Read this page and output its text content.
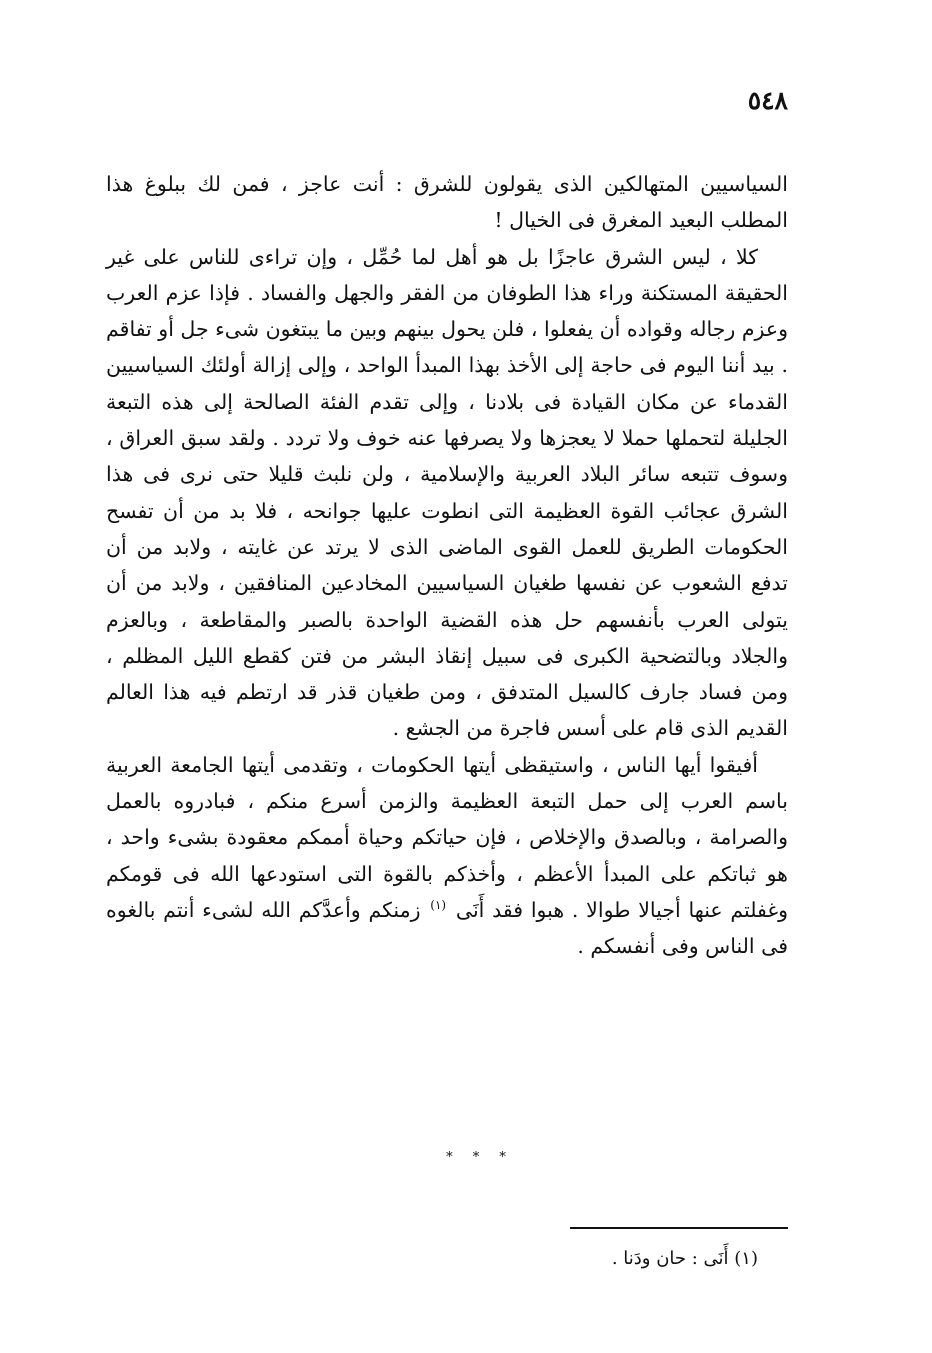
٥٤٨

السياسيين المتهالكين الذى يقولون للشرق : أنت عاجز ، فمن لك ببلوغ هذا المطلب البعيد المغرق فى الخيال !

كلا ، ليس الشرق عاجزًا بل هو أهل لما حُمِّل ، وإن تراءى للناس على غير الحقيقة المستكنة وراء هذا الطوفان من الفقر والجهل والفساد . فإذا عزم العرب وعزم رجاله وقواده أن يفعلوا ، فلن يحول بينهم وبين ما يبتغون شىء جل أو تفاقم . بيد أننا اليوم فى حاجة إلى الأخذ بهذا المبدأ الواحد ، وإلى إزالة أولئك السياسيين القدماء عن مكان القيادة فى بلادنا ، وإلى تقدم الفئة الصالحة إلى هذه التبعة الجليلة لتحملها حملا لا يعجزها ولا يصرفها عنه خوف ولا تردد . ولقد سبق العراق ، وسوف تتبعه سائر البلاد العربية والإسلامية ، ولن نلبث قليلا حتى نرى فى هذا الشرق عجائب القوة العظيمة التى انطوت عليها جوانحه ، فلا بد من أن تفسح الحكومات الطريق للعمل القوى الماضى الذى لا يرتد عن غايته ، ولابد من أن تدفع الشعوب عن نفسها طغيان السياسيين المخادعين المنافقين ، ولابد من أن يتولى العرب بأنفسهم حل هذه القضية الواحدة بالصبر والمقاطعة ، وبالعزم والجلاد وبالتضحية الكبرى فى سبيل إنقاذ البشر من فتن كقطع الليل المظلم ، ومن فساد جارف كالسيل المتدفق ، ومن طغيان قذر قد ارتطم فيه هذا العالم القديم الذى قام على أسس فاجرة من الجشع .

أفيقوا أيها الناس ، واستيقظى أيتها الحكومات ، وتقدمى أيتها الجامعة العربية باسم العرب إلى حمل التبعة العظيمة والزمن أسرع منكم ، فبادروه بالعمل والصرامة ، وبالصدق والإخلاص ، فإن حياتكم وحياة أممكم معقودة بشىء واحد ، هو ثباتكم على المبدأ الأعظم ، وأخذكم بالقوة التى استودعها الله فى قومكم وغفلتم عنها أجيالا طوالا . هبوا فقد أَنَى $^{(١)}$ زمنكم وأعدَّكم الله لشىء أنتم بالغوه فى الناس وفى أنفسكم .

* * *
(١) أَنَى : حان ودَنا .
